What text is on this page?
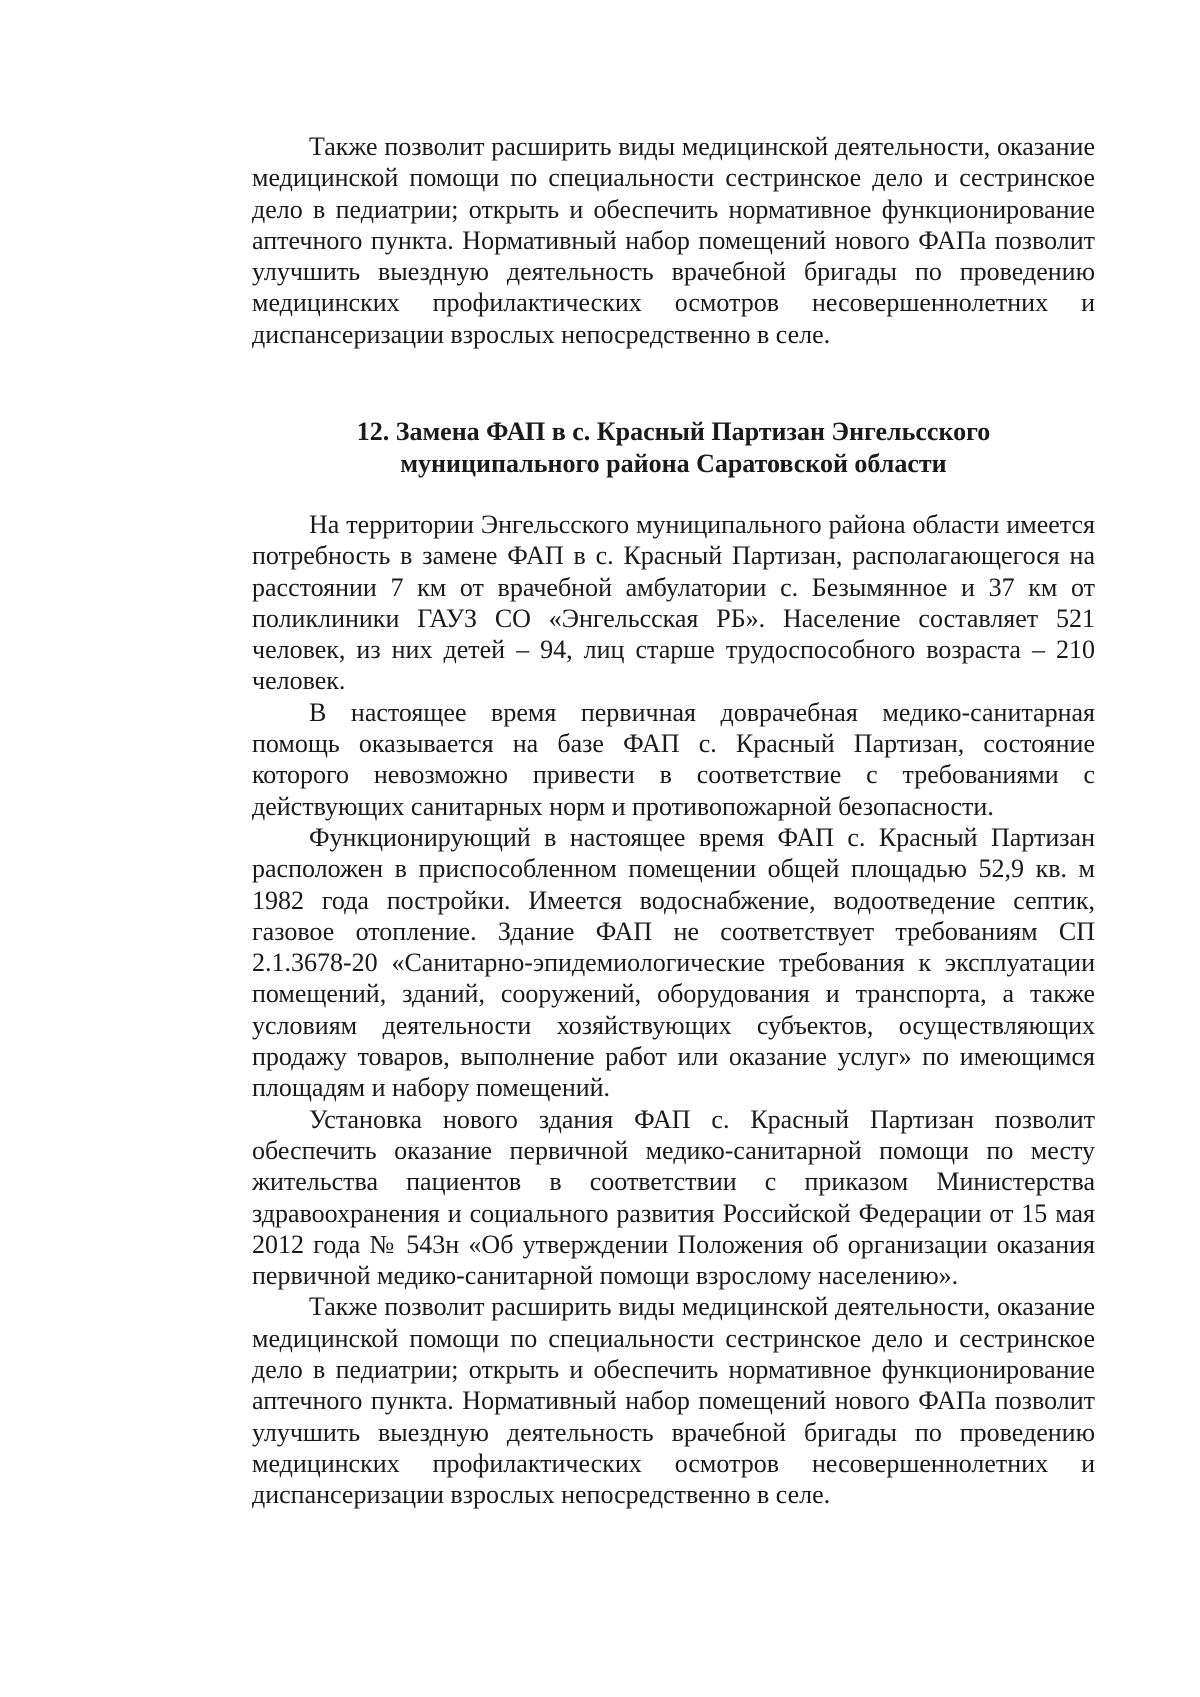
Также позволит расширить виды медицинской деятельности, оказание медицинской помощи по специальности сестринское дело и сестринское дело в педиатрии; открыть и обеспечить нормативное функционирование аптечного пункта. Нормативный набор помещений нового ФАПа позволит улучшить выездную деятельность врачебной бригады по проведению медицинских профилактических осмотров несовершеннолетних и диспансеризации взрослых непосредственно в селе.

12. Замена ФАП в с. Красный Партизан Энгельсского
муниципального района Саратовской области

На территории Энгельсского муниципального района области имеется потребность в замене ФАП в с. Красный Партизан, располагающегося на расстоянии 7 км от врачебной амбулатории с. Безымянное и 37 км от поликлиники ГАУЗ СО «Энгельсская РБ». Население составляет 521 человек, из них детей – 94, лиц старше трудоспособного возраста – 210 человек.

В настоящее время первичная доврачебная медико-санитарная помощь оказывается на базе ФАП с. Красный Партизан, состояние которого невозможно привести в соответствие с требованиями с действующих санитарных норм и противопожарной безопасности.

Функционирующий в настоящее время ФАП с. Красный Партизан расположен в приспособленном помещении общей площадью 52,9 кв. м 1982 года постройки. Имеется водоснабжение, водоотведение септик, газовое отопление. Здание ФАП не соответствует требованиям СП 2.1.3678-20 «Санитарно-эпидемиологические требования к эксплуатации помещений, зданий, сооружений, оборудования и транспорта, а также условиям деятельности хозяйствующих субъектов, осуществляющих продажу товаров, выполнение работ или оказание услуг» по имеющимся площадям и набору помещений.

Установка нового здания ФАП с. Красный Партизан позволит обеспечить оказание первичной медико-санитарной помощи по месту жительства пациентов в соответствии с приказом Министерства здравоохранения и социального развития Российской Федерации от 15 мая 2012 года № 543н «Об утверждении Положения об организации оказания первичной медико-санитарной помощи взрослому населению».

Также позволит расширить виды медицинской деятельности, оказание медицинской помощи по специальности сестринское дело и сестринское дело в педиатрии; открыть и обеспечить нормативное функционирование аптечного пункта. Нормативный набор помещений нового ФАПа позволит улучшить выездную деятельность врачебной бригады по проведению медицинских профилактических осмотров несовершеннолетних и диспансеризации взрослых непосредственно в селе.
